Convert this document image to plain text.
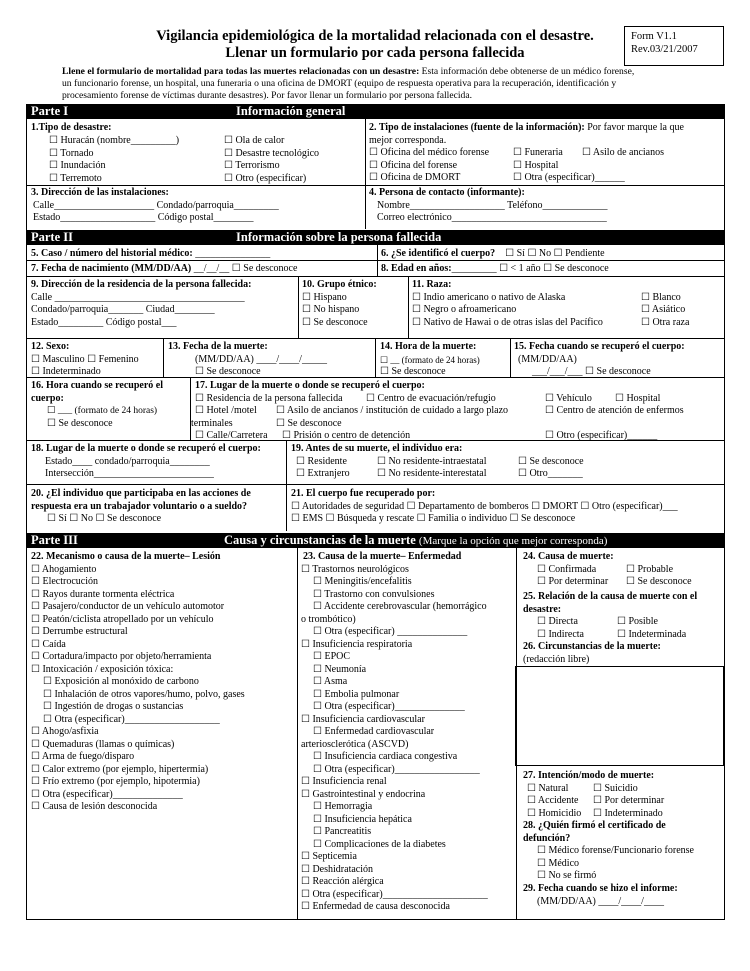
Vigilancia epidemiológica de la mortalidad relacionada con el desastre.
Llenar un formulario por cada persona fallecida
Form V1.1
Rev.03/21/2007
Llene el formulario de mortalidad para todas las muertes relacionadas con un desastre: Esta información debe obtenerse de un médico forense,
un funcionario forense, un hospital, una funeraria o una oficina de DMORT (equipo de respuesta operativa para la recuperación, identificación y
procesamiento forense de víctimas durante desastres). Por favor llenar un formulario por persona fallecida.
Parte I	Información general
1.Tipo de desastre:
☐ Huracán (nombre_________)
☐ Tornado
☐ Inundación
☐ Terremoto
☐ Ola de calor
☐ Desastre tecnológico
☐ Terrorismo
☐ Otro (especificar)
2. Tipo de instalaciones (fuente de la información): Por favor marque la que
mejor corresponda.
☐ Oficina del médico forense ☐ Funeraria ☐ Asilo de ancianos
☐ Oficina del forense	☐ Hospital
☐ Oficina de DMORT	☐ Otra (especificar)______
3. Dirección de las instalaciones:
Calle____________________ Condado/parroquia_________
Estado___________________ Código postal________
4. Persona de contacto (informante):
Nombre___________________ Teléfono_____________
Correo electrónico_______________________________
Parte II	Información sobre la persona fallecida
5. Caso / número del historial médico: _______________	6. ¿Se identificó el cuerpo? ☐ Sí ☐ No ☐ Pendiente
7. Fecha de nacimiento (MM/DD/AA) __/__/__ ☐ Se desconoce	8. Edad en años:_________ ☐ < 1 año ☐ Se desconoce
9. Dirección de la residencia de la persona fallecida:
Calle ______________________________________
Condado/parroquia_______ Ciudad________
Estado_________ Código postal___
10. Grupo étnico:
☐ Hispano
☐ No hispano
☐ Se desconoce
11. Raza:
☐ Indio americano o nativo de Alaska
☐ Negro o afroamericano
☐ Nativo de Hawai o de otras islas del Pacífico
☐ Blanco
☐ Asiático
☐ Otra raza
12. Sexo:
☐ Masculino ☐ Femenino
☐ Indeterminado
13. Fecha de la muerte:
(MM/DD/AA) ____/____/_____
☐ Se desconoce
14. Hora de la muerte:
☐ __ (formato de 24 horas)
☐ Se desconoce
15. Fecha cuando se recuperó el cuerpo:
(MM/DD/AA)
___/___/___ ☐ Se desconoce
16. Hora cuando se recuperó el
cuerpo:
☐ ___ (formato de 24 horas)
☐ Se desconoce
17. Lugar de la muerte o donde se recuperó el cuerpo:
☐ Residencia de la persona fallecida ☐ Centro de evacuación/refugio	☐ Vehículo ☐ Hospital
☐ Hotel /motel ☐ Asilo de ancianos / institución de cuidado a largo plazo	☐ Centro de atención de enfermos
terminales	☐ Se desconoce
☐ Calle/Carretera ☐ Prisión o centro de detención	☐ Otro (especificar)______
18. Lugar de la muerte o donde se recuperó el cuerpo:
Estado____ condado/parroquia________
Intersección________________________
19. Antes de su muerte, el individuo era:
☐ Residente	☐ No residente-intraestatal	☐ Se desconoce
☐ Extranjero	☐ No residente-interestatal	☐ Otro_______
20. ¿El individuo que participaba en las acciones de
respuesta era un trabajador voluntario o a sueldo?
☐ Sí ☐ No ☐ Se desconoce
21. El cuerpo fue recuperado por:
☐ Autoridades de seguridad ☐ Departamento de bomberos ☐ DMORT ☐ Otro (especificar)___
☐ EMS ☐ Búsqueda y rescate ☐ Familia o individuo ☐ Se desconoce
Parte III	Causa y circunstancias de la muerte (Marque la opción que mejor corresponda)
22. Mecanismo o causa de la muerte– Lesión
☐ Ahogamiento
☐ Electrocución
☐ Rayos durante tormenta eléctrica
☐ Pasajero/conductor de un vehículo automotor
☐ Peatón/ciclista atropellado por un vehículo
☐ Derrumbe estructural
☐ Caída
☐ Cortadura/impacto por objeto/herramienta
☐ Intoxicación / exposición tóxica:
☐ Exposición al monóxido de carbono
☐ Inhalación de otros vapores/humo, polvo, gases
☐ Ingestión de drogas o sustancias
☐ Otra (especificar)___________________
☐ Ahogo/asfixia
☐ Quemaduras (llamas o químicas)
☐ Arma de fuego/disparo
☐ Calor extremo (por ejemplo, hipertermia)
☐ Frío extremo (por ejemplo, hipotermia)
☐ Otra (especificar)______________
☐ Causa de lesión desconocida
23. Causa de la muerte– Enfermedad
☐ Trastornos neurológicos
☐ Meningitis/encefalitis
☐ Trastorno con convulsiones
☐ Accidente cerebrovascular (hemorrágico
o trombótico)
☐ Otra (especificar) ______________
☐ Insuficiencia respiratoria
☐ EPOC
☐ Neumonía
☐ Asma
☐ Embolia pulmonar
☐ Otra (especificar)______________
☐ Insuficiencia cardiovascular
☐ Enfermedad cardiovascular
arteriosclerótica (ASCVD)
☐ Insuficiencia cardiaca congestiva
☐ Otra (especificar)_________________
☐ Insuficiencia renal
☐ Gastrointestinal y endocrina
☐ Hemorragia
☐ Insuficiencia hepática
☐ Pancreatitis
☐ Complicaciones de la diabetes
☐ Septicemia
☐ Deshidratación
☐ Reacción alérgica
☐ Otra (especificar)_____________________
☐ Enfermedad de causa desconocida
24. Causa de muerte:
☐ Confirmada	☐ Probable
☐ Por determinar ☐ Se desconoce
25. Relación de la causa de muerte con el
desastre:
☐ Directa	☐ Posible
☐ Indirecta	☐ Indeterminada
26. Circunstancias de la muerte:
(redacción libre)
27. Intención/modo de muerte:
☐ Natural ☐ Suicidio
☐ Accidente ☐ Por determinar
☐ Homicidio ☐ Indeterminado
28. ¿Quién firmó el certificado de
defunción?
☐ Médico forense/Funcionario forense
☐ Médico
☐ No se firmó
29. Fecha cuando se hizo el informe:
(MM/DD/AA) ____/____/____
